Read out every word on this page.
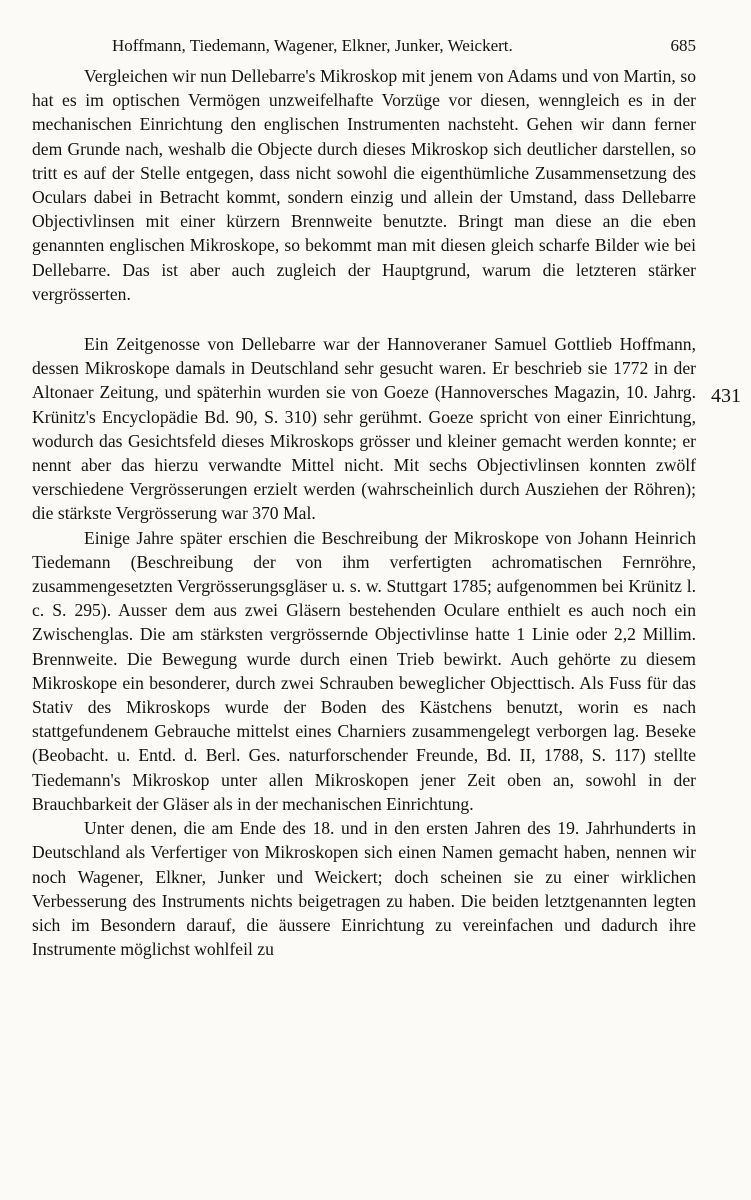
Hoffmann, Tiedemann, Wagener, Elkner, Junker, Weickert.	685
431

Vergleichen wir nun Dellebarre's Mikroskop mit jenem von Adams und von Martin, so hat es im optischen Vermögen unzweifelhafte Vorzüge vor diesen, wenngleich es in der mechanischen Einrichtung den englischen Instrumenten nachsteht. Gehen wir dann ferner dem Grunde nach, weshalb die Objecte durch dieses Mikroskop sich deutlicher darstellen, so tritt es auf der Stelle entgegen, dass nicht sowohl die eigenthümliche Zusammensetzung des Oculars dabei in Betracht kommt, sondern einzig und allein der Umstand, dass Dellebarre Objectivlinsen mit einer kürzern Brennweite benutzte. Bringt man diese an die eben genannten englischen Mikroskope, so bekommt man mit diesen gleich scharfe Bilder wie bei Dellebarre. Das ist aber auch zugleich der Hauptgrund, warum die letzteren stärker vergrösserten.

Ein Zeitgenosse von Dellebarre war der Hannoveraner Samuel Gottlieb Hoffmann, dessen Mikroskope damals in Deutschland sehr gesucht waren. Er beschrieb sie 1772 in der Altonaer Zeitung, und späterhin wurden sie von Goeze (Hannoversches Magazin, 10. Jahrg. Krünitz's Encyclopädie Bd. 90, S. 310) sehr gerühmt. Goeze spricht von einer Einrichtung, wodurch das Gesichtsfeld dieses Mikroskops grösser und kleiner gemacht werden konnte; er nennt aber das hierzu verwandte Mittel nicht. Mit sechs Objectivlinsen konnten zwölf verschiedene Vergrösserungen erzielt werden (wahrscheinlich durch Ausziehen der Röhren); die stärkste Vergrösserung war 370 Mal.

Einige Jahre später erschien die Beschreibung der Mikroskope von Johann Heinrich Tiedemann (Beschreibung der von ihm verfertigten achromatischen Fernröhre, zusammengesetzten Vergrösserungsgläser u. s. w. Stuttgart 1785; aufgenommen bei Krünitz l. c. S. 295). Ausser dem aus zwei Gläsern bestehenden Oculare enthielt es auch noch ein Zwischenglas. Die am stärksten vergrössernde Objectivlinse hatte 1 Linie oder 2,2 Millim. Brennweite. Die Bewegung wurde durch einen Trieb bewirkt. Auch gehörte zu diesem Mikroskope ein besonderer, durch zwei Schrauben beweglicher Objecttisch. Als Fuss für das Stativ des Mikroskops wurde der Boden des Kästchens benutzt, worin es nach stattgefundenem Gebrauche mittelst eines Charniers zusammengelegt verborgen lag. Beseke (Beobacht. u. Entd. d. Berl. Ges. naturforschender Freunde, Bd. II, 1788, S. 117) stellte Tiedemann's Mikroskop unter allen Mikroskopen jener Zeit oben an, sowohl in der Brauchbarkeit der Gläser als in der mechanischen Einrichtung.

Unter denen, die am Ende des 18. und in den ersten Jahren des 19. Jahrhunderts in Deutschland als Verfertiger von Mikroskopen sich einen Namen gemacht haben, nennen wir noch Wagener, Elkner, Junker und Weickert; doch scheinen sie zu einer wirklichen Verbesserung des Instruments nichts beigetragen zu haben. Die beiden letztgenannten legten sich im Besondern darauf, die äussere Einrichtung zu vereinfachen und dadurch ihre Instrumente möglichst wohlfeil zu
